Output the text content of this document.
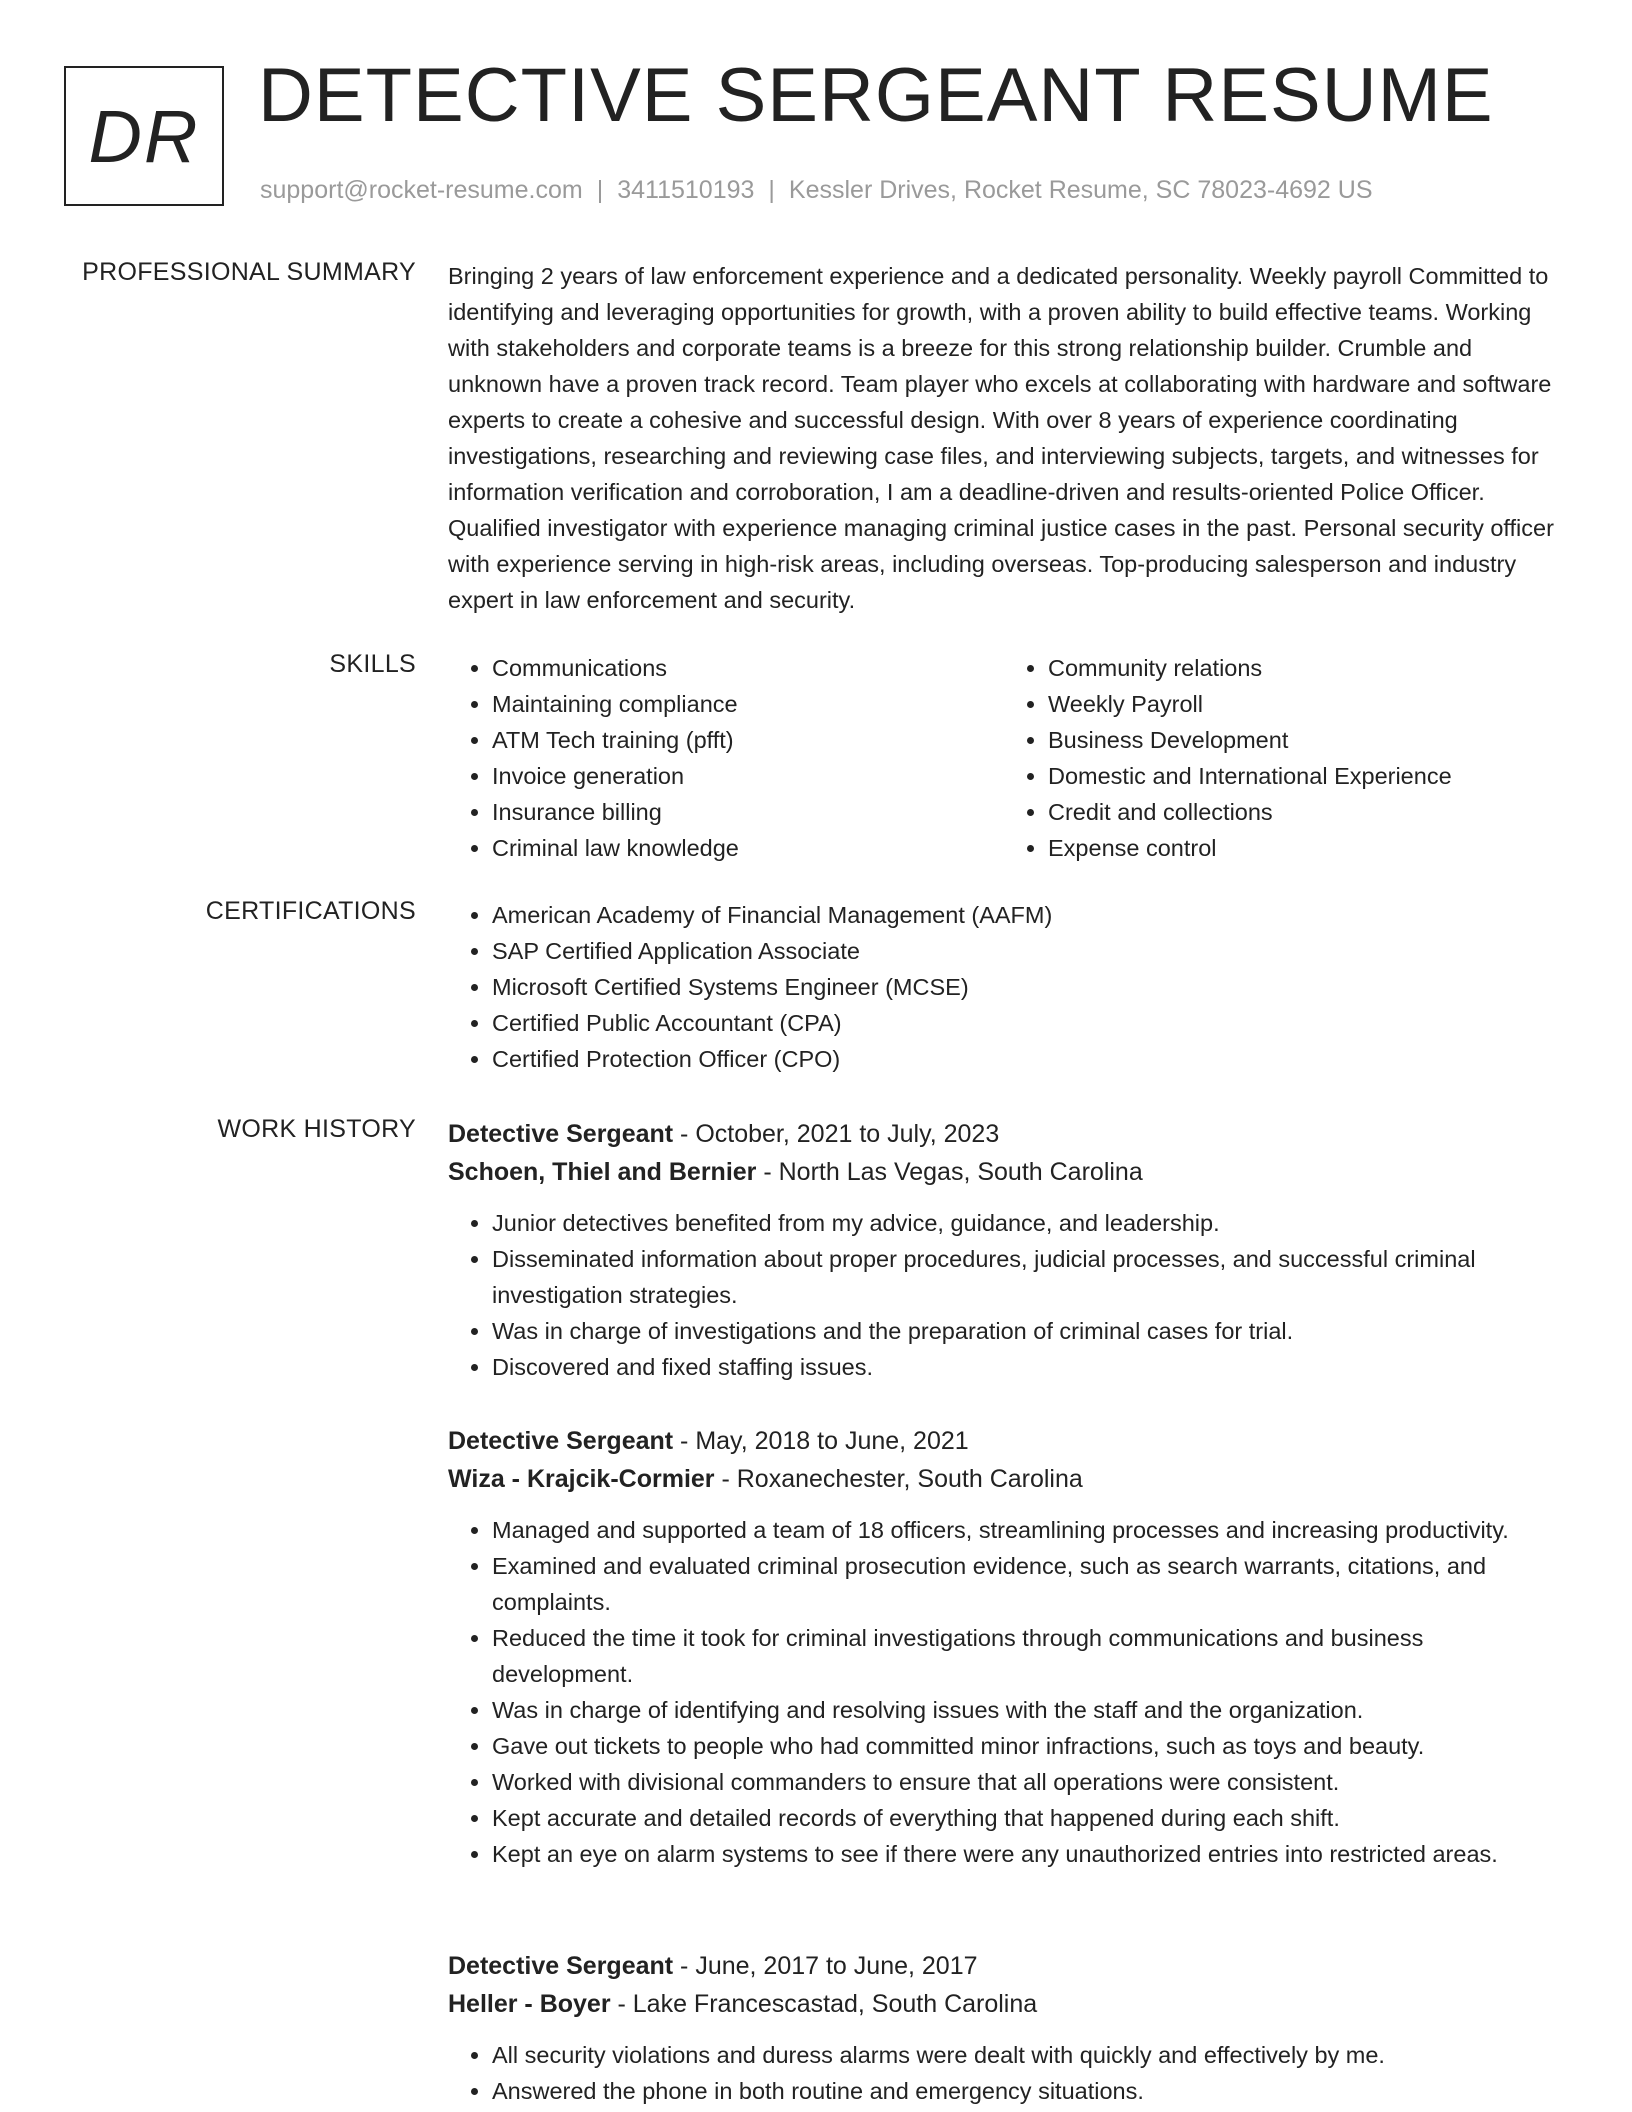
DR DETECTIVE SERGEANT RESUME
support@rocket-resume.com | 3411510193 | Kessler Drives, Rocket Resume, SC 78023-4692 US
PROFESSIONAL SUMMARY Bringing 2 years of law enforcement experience and a dedicated personality. Weekly payroll Committed to identifying and leveraging opportunities for growth, with a proven ability to build effective teams. Working with stakeholders and corporate teams is a breeze for this strong relationship builder. Crumble and unknown have a proven track record. Team player who excels at collaborating with hardware and software experts to create a cohesive and successful design. With over 8 years of experience coordinating investigations, researching and reviewing case files, and interviewing subjects, targets, and witnesses for information verification and corroboration, I am a deadline-driven and results-oriented Police Officer. Qualified investigator with experience managing criminal justice cases in the past. Personal security officer with experience serving in high-risk areas, including overseas. Top-producing salesperson and industry expert in law enforcement and security.

SKILLS	• Communications
• Maintaining compliance
• ATM Tech training (pfft)
• Invoice generation
• Insurance billing
• Criminal law knowledge
• Community relations
• Weekly Payroll
• Business Development
• Domestic and International Experience
• Credit and collections
• Expense control
CERTIFICATIONS	• American Academy of Financial Management (AAFM)
• SAP Certified Application Associate
• Microsoft Certified Systems Engineer (MCSE)
• Certified Public Accountant (CPA)
• Certified Protection Officer (CPO)
WORK HISTORY Detective Sergeant - October, 2021 to July, 2023
Schoen, Thiel and Bernier - North Las Vegas, South Carolina
• Junior detectives benefited from my advice, guidance, and leadership.
• Disseminated information about proper procedures, judicial processes, and successful criminal investigation strategies.
• Was in charge of investigations and the preparation of criminal cases for trial.
• Discovered and fixed staffing issues.
Detective Sergeant - May, 2018 to June, 2021
Wiza - Krajcik-Cormier - Roxanechester, South Carolina
• Managed and supported a team of 18 officers, streamlining processes and increasing productivity.
• Examined and evaluated criminal prosecution evidence, such as search warrants, citations, and complaints.
• Reduced the time it took for criminal investigations through communications and business development.
• Was in charge of identifying and resolving issues with the staff and the organization.
• Gave out tickets to people who had committed minor infractions, such as toys and beauty.
• Worked with divisional commanders to ensure that all operations were consistent.
• Kept accurate and detailed records of everything that happened during each shift.
• Kept an eye on alarm systems to see if there were any unauthorized entries into restricted areas.
Detective Sergeant - June, 2017 to June, 2017
Heller - Boyer - Lake Francescastad, South Carolina
• All security violations and duress alarms were dealt with quickly and effectively by me.
• Answered the phone in both routine and emergency situations.
